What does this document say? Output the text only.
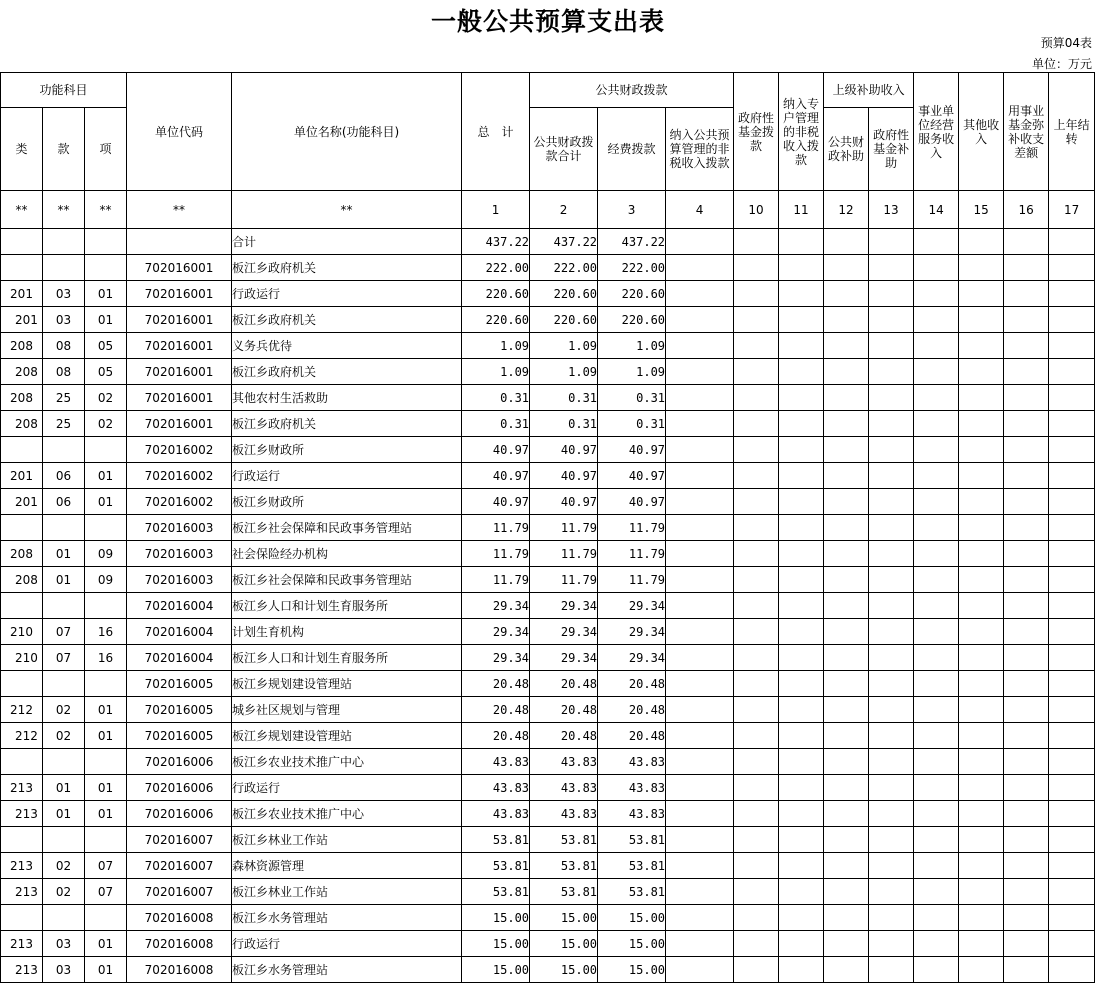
一般公共预算支出表
预算04表
单位：万元
功能科目			单位代码	单位名称(功能科目)	总　计	公共财政拨款			政府性基金拨款	纳入专户管理的非税收入拨款	上级补助收入		事业单位经营服务收入	其他收入	用事业基金弥补收支差额	上年结转
						公共财政拨款合计	经费拨款	纳入公共预算管理的非税收入拨款								
类	款	项									公共财政补助	政府性基金补助				
**	**	**	**	**	1	2	3	4	10	11	12	13	14	15	16	17
				合计	437.22	437.22	437.22									
			702016001	板江乡政府机关	222.00	222.00	222.00									
201	03	01	702016001	行政运行	220.60	220.60	220.60									
201	03	01	702016001	板江乡政府机关	220.60	220.60	220.60									
208	08	05	702016001	义务兵优待	1.09	1.09	1.09									
208	08	05	702016001	板江乡政府机关	1.09	1.09	1.09									
208	25	02	702016001	其他农村生活救助	0.31	0.31	0.31									
208	25	02	702016001	板江乡政府机关	0.31	0.31	0.31									
			702016002	板江乡财政所	40.97	40.97	40.97									
201	06	01	702016002	行政运行	40.97	40.97	40.97									
201	06	01	702016002	板江乡财政所	40.97	40.97	40.97									
			702016003	板江乡社会保障和民政事务管理站	11.79	11.79	11.79									
208	01	09	702016003	社会保险经办机构	11.79	11.79	11.79									
208	01	09	702016003	板江乡社会保障和民政事务管理站	11.79	11.79	11.79									
			702016004	板江乡人口和计划生育服务所	29.34	29.34	29.34									
210	07	16	702016004	计划生育机构	29.34	29.34	29.34									
210	07	16	702016004	板江乡人口和计划生育服务所	29.34	29.34	29.34									
			702016005	板江乡规划建设管理站	20.48	20.48	20.48									
212	02	01	702016005	城乡社区规划与管理	20.48	20.48	20.48									
212	02	01	702016005	板江乡规划建设管理站	20.48	20.48	20.48									
			702016006	板江乡农业技术推广中心	43.83	43.83	43.83									
213	01	01	702016006	行政运行	43.83	43.83	43.83									
213	01	01	702016006	板江乡农业技术推广中心	43.83	43.83	43.83									
			702016007	板江乡林业工作站	53.81	53.81	53.81									
213	02	07	702016007	森林资源管理	53.81	53.81	53.81									
213	02	07	702016007	板江乡林业工作站	53.81	53.81	53.81									
			702016008	板江乡水务管理站	15.00	15.00	15.00									
213	03	01	702016008	行政运行	15.00	15.00	15.00									
213	03	01	702016008	板江乡水务管理站	15.00	15.00	15.00									
